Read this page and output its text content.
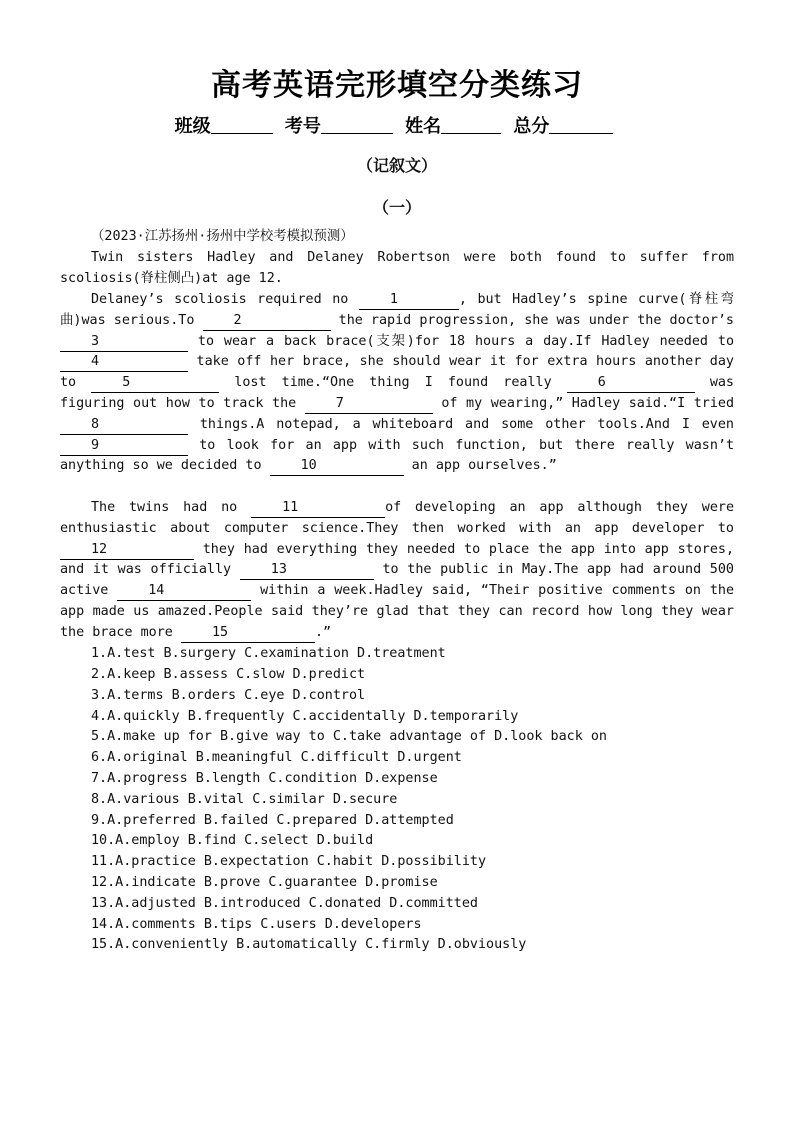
高考英语完形填空分类练习
班级	考号	姓名	总分
（记叙文）
（一）
（2023·江苏扬州·扬州中学校考模拟预测）
Twin sisters Hadley and Delaney Robertson were both found to suffer from scoliosis(脊柱侧凸)at age 12.
Delaney’s scoliosis required no	1	, but Hadley’s spine curve(脊柱弯曲)was serious.To	2	the rapid progression, she was under the doctor’s 3	to wear a back brace(支架)for 18 hours a day.If Hadley needed to 4	take off her brace, she should wear it for extra hours another day to	5	lost time.“One thing I found really	6	was figuring out how to track the	7	of my wearing,” Hadley said.“I tried 8	things.A notepad, a whiteboard and some other tools.And I even 9	to look for an app with such function, but there really wasn’t anything so we decided to	10	an app ourselves.”
The twins had no	11	of developing an app although they were enthusiastic about computer science.They then worked with an app developer to 12	they had everything they needed to place the app into app stores, and it was officially	13	to the public in May.The app had around 500 active	14	within a week.Hadley said, “Their positive comments on the app made us amazed.People said they’re glad that they can record how long they wear the brace more	15	.”
1.A.test B.surgery C.examination D.treatment
2.A.keep B.assess C.slow D.predict
3.A.terms B.orders C.eye D.control
4.A.quickly B.frequently C.accidentally D.temporarily
5.A.make up for B.give way to C.take advantage of D.look back on
6.A.original B.meaningful C.difficult D.urgent
7.A.progress B.length C.condition D.expense
8.A.various B.vital C.similar D.secure
9.A.preferred B.failed C.prepared D.attempted
10.A.employ B.find C.select D.build
11.A.practice B.expectation C.habit D.possibility
12.A.indicate B.prove C.guarantee D.promise
13.A.adjusted B.introduced C.donated D.committed
14.A.comments B.tips C.users D.developers
15.A.conveniently B.automatically C.firmly D.obviously
